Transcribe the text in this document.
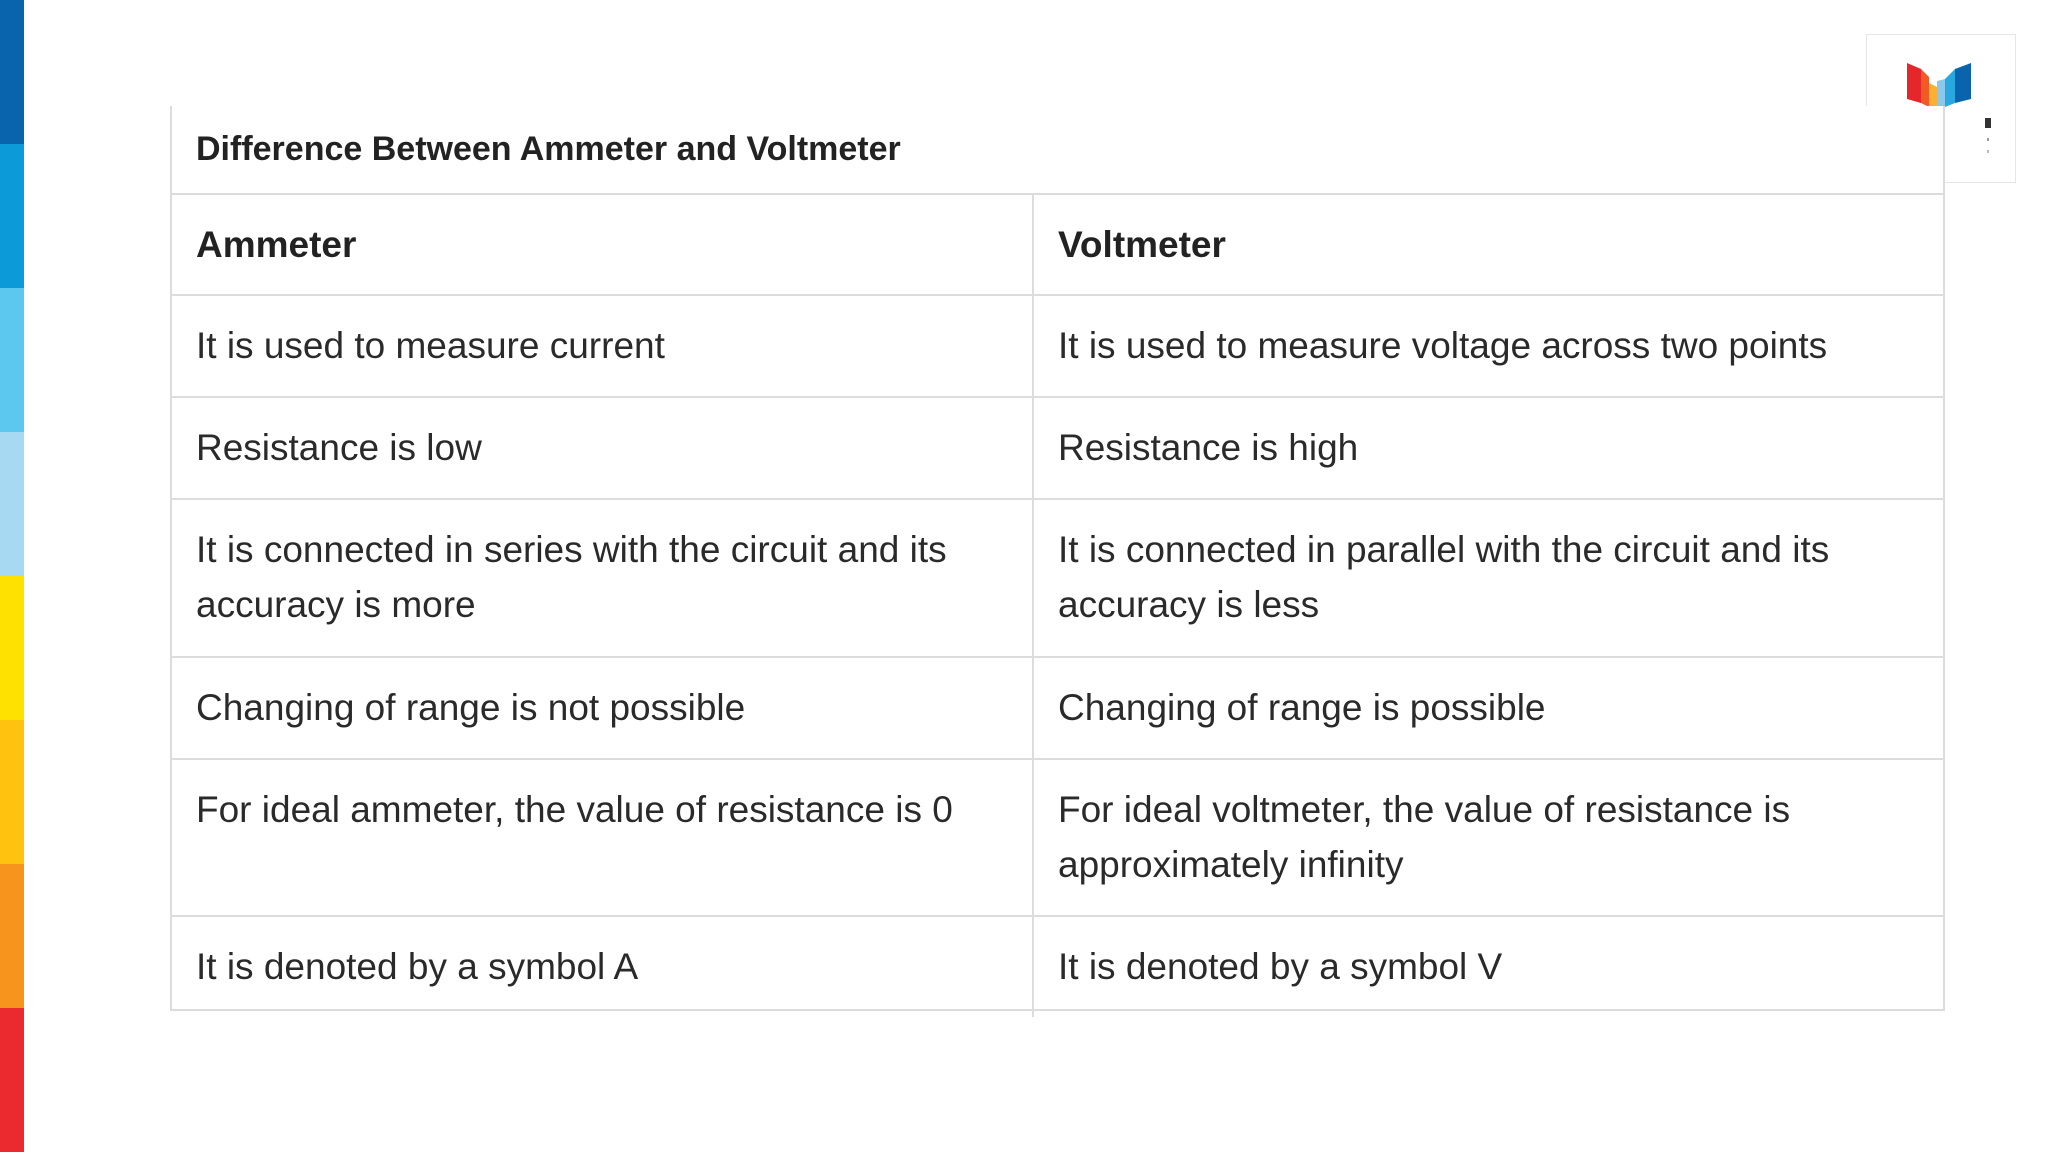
Difference Between Ammeter and Voltmeter
Ammeter	Voltmeter
It is used to measure current	It is used to measure voltage across two points
Resistance is low	Resistance is high
It is connected in series with the circuit and its accuracy is more	It is connected in parallel with the circuit and its accuracy is less
Changing of range is not possible	Changing of range is possible
For ideal ammeter, the value of resistance is 0	For ideal voltmeter, the value of resistance is approximately infinity
It is denoted by a symbol A	It is denoted by a symbol V
